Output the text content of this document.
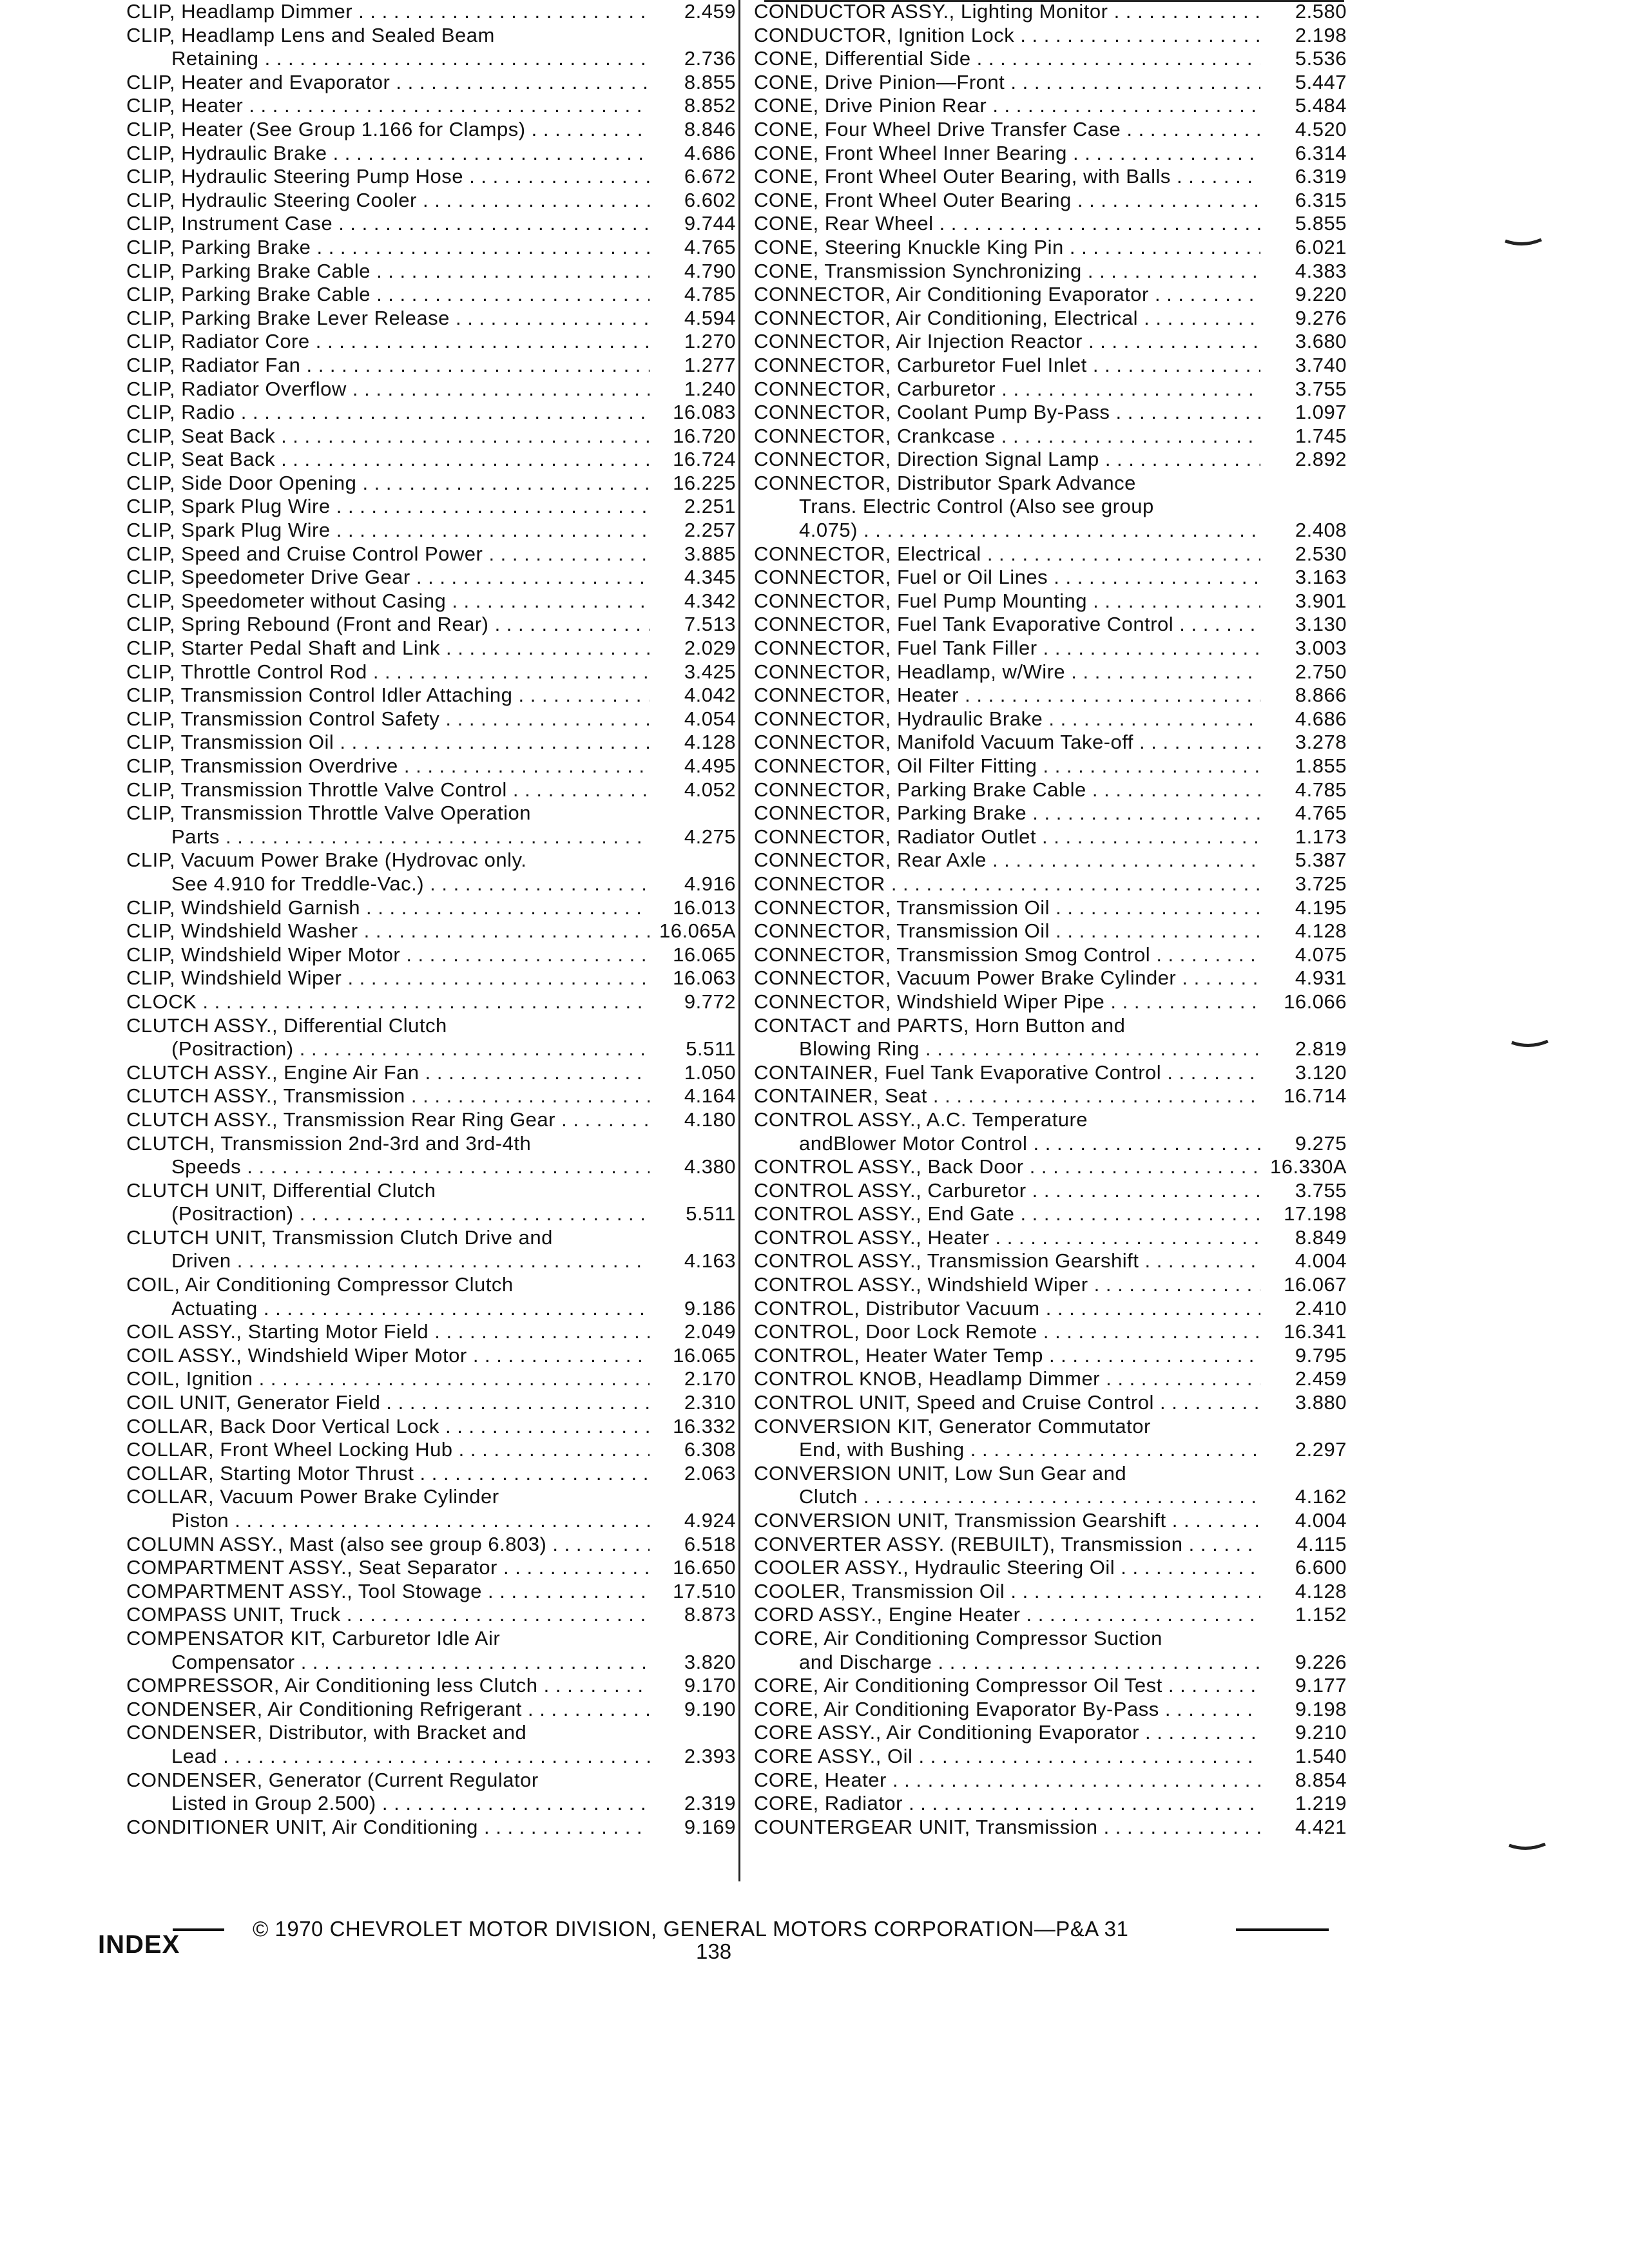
CLIP, Headlamp Dimmer . . .	2.459
CLIP, Headlamp Lens and Sealed Beam
Retaining . . .	2.736
CLIP, Heater and Evaporator . . .	8.855
CLIP, Heater . . .	8.852
CLIP, Heater (See Group 1.166 for Clamps) . . .	8.846
CLIP, Hydraulic Brake . . .	4.686
CLIP, Hydraulic Steering Pump Hose . . .	6.672
CLIP, Hydraulic Steering Cooler . . .	6.602
CLIP, Instrument Case . . .	9.744
CLIP, Parking Brake . . .	4.765
CLIP, Parking Brake Cable . . .	4.790
CLIP, Parking Brake Cable . . .	4.785
CLIP, Parking Brake Lever Release . . .	4.594
CLIP, Radiator Core . . .	1.270
CLIP, Radiator Fan . . .	1.277
CLIP, Radiator Overflow . . .	1.240
CLIP, Radio . . .	16.083
CLIP, Seat Back . . .	16.720
CLIP, Seat Back . . .	16.724
CLIP, Side Door Opening . . .	16.225
CLIP, Spark Plug Wire . . .	2.251
CLIP, Spark Plug Wire . . .	2.257
CLIP, Speed and Cruise Control Power . . .	3.885
CLIP, Speedometer Drive Gear . . .	4.345
CLIP, Speedometer without Casing . . .	4.342
CLIP, Spring Rebound (Front and Rear) . . .	7.513
CLIP, Starter Pedal Shaft and Link . . .	2.029
CLIP, Throttle Control Rod . . .	3.425
CLIP, Transmission Control Idler Attaching . . .	4.042
CLIP, Transmission Control Safety . . .	4.054
CLIP, Transmission Oil . . .	4.128
CLIP, Transmission Overdrive . . .	4.495
CLIP, Transmission Throttle Valve Control . . .	4.052
CLIP, Transmission Throttle Valve Operation
Parts . . .	4.275
CLIP, Vacuum Power Brake (Hydrovac only.
See 4.910 for Treddle-Vac.) . . .	4.916
CLIP, Windshield Garnish . . .	16.013
CLIP, Windshield Washer . . .	16.065A
CLIP, Windshield Wiper Motor . . .	16.065
CLIP, Windshield Wiper . . .	16.063
CLOCK . . .	9.772
CLUTCH ASSY., Differential Clutch
(Positraction) . . .	5.511
CLUTCH ASSY., Engine Air Fan . . .	1.050
CLUTCH ASSY., Transmission . . .	4.164
CLUTCH ASSY., Transmission Rear Ring Gear . . .	4.180
CLUTCH, Transmission 2nd-3rd and 3rd-4th
Speeds . . .	4.380
CLUTCH UNIT, Differential Clutch
(Positraction) . . .	5.511
CLUTCH UNIT, Transmission Clutch Drive and
Driven . . .	4.163
COIL, Air Conditioning Compressor Clutch
Actuating . . .	9.186
COIL ASSY., Starting Motor Field . . .	2.049
COIL ASSY., Windshield Wiper Motor . . .	16.065
COIL, Ignition . . .	2.170
COIL UNIT, Generator Field . . .	2.310
COLLAR, Back Door Vertical Lock . . .	16.332
COLLAR, Front Wheel Locking Hub . . .	6.308
COLLAR, Starting Motor Thrust . . .	2.063
COLLAR, Vacuum Power Brake Cylinder
Piston . . .	4.924
COLUMN ASSY., Mast (also see group 6.803) . . .	6.518
COMPARTMENT ASSY., Seat Separator . . .	16.650
COMPARTMENT ASSY., Tool Stowage . . .	17.510
COMPASS UNIT, Truck . . .	8.873
COMPENSATOR KIT, Carburetor Idle Air
Compensator . . .	3.820
COMPRESSOR, Air Conditioning less Clutch . . .	9.170
CONDENSER, Air Conditioning Refrigerant . . .	9.190
CONDENSER, Distributor, with Bracket and
Lead . . .	2.393
CONDENSER, Generator (Current Regulator
Listed in Group 2.500) . . .	2.319
CONDITIONER UNIT, Air Conditioning . . .	9.169
CONDUCTOR ASSY., Lighting Monitor . . .	2.580
CONDUCTOR, Ignition Lock . . .	2.198
CONE, Differential Side . . .	5.536
CONE, Drive Pinion—Front . . .	5.447
CONE, Drive Pinion Rear . . .	5.484
CONE, Four Wheel Drive Transfer Case . . .	4.520
CONE, Front Wheel Inner Bearing . . .	6.314
CONE, Front Wheel Outer Bearing, with Balls . . .	6.319
CONE, Front Wheel Outer Bearing . . .	6.315
CONE, Rear Wheel . . .	5.855
CONE, Steering Knuckle King Pin . . .	6.021
CONE, Transmission Synchronizing . . .	4.383
CONNECTOR, Air Conditioning Evaporator . . .	9.220
CONNECTOR, Air Conditioning, Electrical . . .	9.276
CONNECTOR, Air Injection Reactor . . .	3.680
CONNECTOR, Carburetor Fuel Inlet . . .	3.740
CONNECTOR, Carburetor . . .	3.755
CONNECTOR, Coolant Pump By-Pass . . .	1.097
CONNECTOR, Crankcase . . .	1.745
CONNECTOR, Direction Signal Lamp . . .	2.892
CONNECTOR, Distributor Spark Advance
Trans. Electric Control (Also see group
4.075) . . .	2.408
CONNECTOR, Electrical . . .	2.530
CONNECTOR, Fuel or Oil Lines . . .	3.163
CONNECTOR, Fuel Pump Mounting . . .	3.901
CONNECTOR, Fuel Tank Evaporative Control . . .	3.130
CONNECTOR, Fuel Tank Filler . . .	3.003
CONNECTOR, Headlamp, w/Wire . . .	2.750
CONNECTOR, Heater . . .	8.866
CONNECTOR, Hydraulic Brake . . .	4.686
CONNECTOR, Manifold Vacuum Take-off . . .	3.278
CONNECTOR, Oil Filter Fitting . . .	1.855
CONNECTOR, Parking Brake Cable . . .	4.785
CONNECTOR, Parking Brake . . .	4.765
CONNECTOR, Radiator Outlet . . .	1.173
CONNECTOR, Rear Axle . . .	5.387
CONNECTOR . . .	3.725
CONNECTOR, Transmission Oil . . .	4.195
CONNECTOR, Transmission Oil . . .	4.128
CONNECTOR, Transmission Smog Control . . .	4.075
CONNECTOR, Vacuum Power Brake Cylinder . . .	4.931
CONNECTOR, Windshield Wiper Pipe . . .	16.066
CONTACT and PARTS, Horn Button and
Blowing Ring . . .	2.819
CONTAINER, Fuel Tank Evaporative Control . . .	3.120
CONTAINER, Seat . . .	16.714
CONTROL ASSY., A.C. Temperature
andBlower Motor Control . . .	9.275
CONTROL ASSY., Back Door . . .	16.330A
CONTROL ASSY., Carburetor . . .	3.755
CONTROL ASSY., End Gate . . .	17.198
CONTROL ASSY., Heater . . .	8.849
CONTROL ASSY., Transmission Gearshift . . .	4.004
CONTROL ASSY., Windshield Wiper . . .	16.067
CONTROL, Distributor Vacuum . . .	2.410
CONTROL, Door Lock Remote . . .	16.341
CONTROL, Heater Water Temp . . .	9.795
CONTROL KNOB, Headlamp Dimmer . . .	2.459
CONTROL UNIT, Speed and Cruise Control . . .	3.880
CONVERSION KIT, Generator Commutator
End, with Bushing . . .	2.297
CONVERSION UNIT, Low Sun Gear and
Clutch . . .	4.162
CONVERSION UNIT, Transmission Gearshift . . .	4.004
CONVERTER ASSY. (REBUILT), Transmission . . .	4.115
COOLER ASSY., Hydraulic Steering Oil . . .	6.600
COOLER, Transmission Oil . . .	4.128
CORD ASSY., Engine Heater . . .	1.152
CORE, Air Conditioning Compressor Suction
and Discharge . . .	9.226
CORE, Air Conditioning Compressor Oil Test . . .	9.177
CORE, Air Conditioning Evaporator By-Pass . . .	9.198
CORE ASSY., Air Conditioning Evaporator . . .	9.210
CORE ASSY., Oil . . .	1.540
CORE, Heater . . .	8.854
CORE, Radiator . . .	1.219
COUNTERGEAR UNIT, Transmission . . .	4.421
INDEX
© 1970 CHEVROLET MOTOR DIVISION, GENERAL MOTORS CORPORATION—P&A 31
138
